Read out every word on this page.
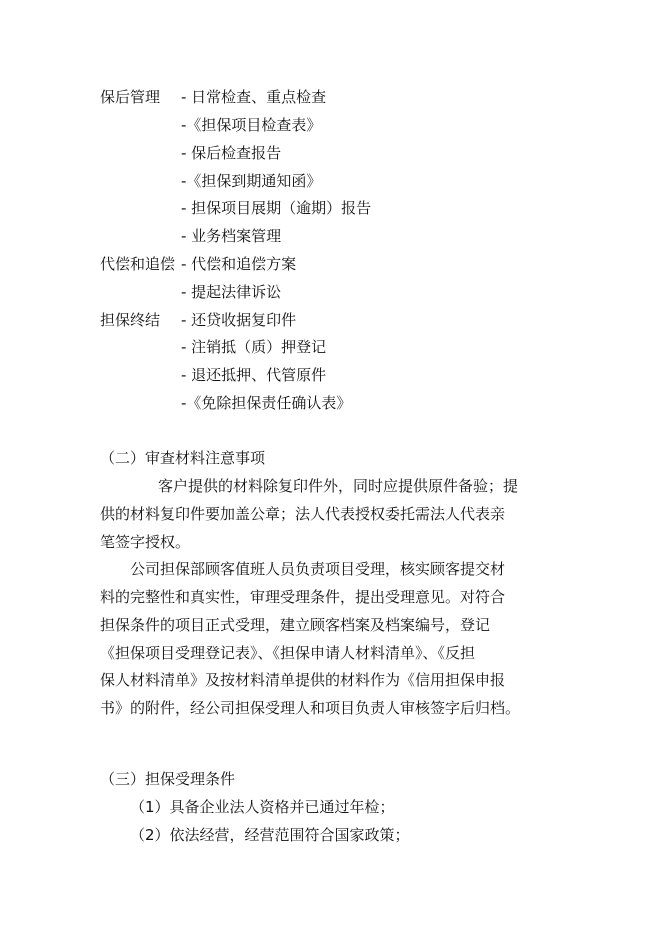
保后管理 - 日常检查、重点检查
-《担保项目检查表》
- 保后检查报告
-《担保到期通知函》
- 担保项目展期（逾期）报告
- 业务档案管理
代偿和追偿 - 代偿和追偿方案
- 提起法律诉讼
担保终结 - 还贷收据复印件
- 注销抵（质）押登记
- 退还抵押、代管原件
-《免除担保责任确认表》
（二）审查材料注意事项
客户提供的材料除复印件外，同时应提供原件备验；提
供的材料复印件要加盖公章；法人代表授权委托需法人代表亲
笔签字授权。
公司担保部顾客值班人员负责项目受理，核实顾客提交材
料的完整性和真实性，审理受理条件，提出受理意见。对符合
担保条件的项目正式受理，建立顾客档案及档案编号，登记
《担保项目受理登记表》、《担保申请人材料清单》、《反担
保人材料清单》及按材料清单提供的材料作为《信用担保申报
书》的附件，经公司担保受理人和项目负责人审核签字后归档。
（三）担保受理条件
（1）具备企业法人资格并已通过年检；
（2）依法经营，经营范围符合国家政策；
